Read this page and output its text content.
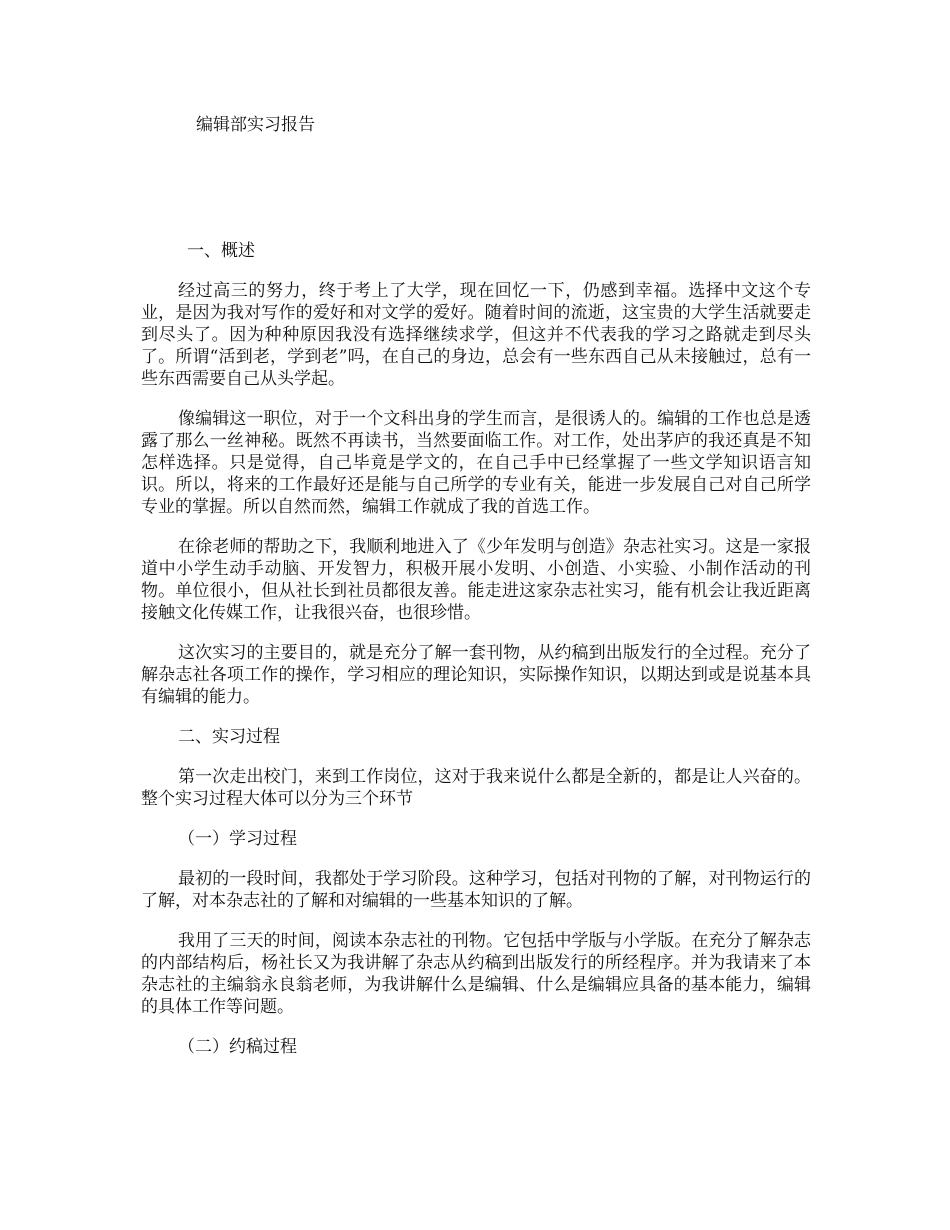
编辑部实习报告
一、概述

经过高三的努力，终于考上了大学，现在回忆一下，仍感到幸福。选择中文这个专业，是因为我对写作的爱好和对文学的爱好。随着时间的流逝，这宝贵的大学生活就要走到尽头了。因为种种原因我没有选择继续求学，但这并不代表我的学习之路就走到尽头了。所谓“活到老，学到老”吗，在自己的身边，总会有一些东西自己从未接触过，总有一些东西需要自己从头学起。

像编辑这一职位，对于一个文科出身的学生而言，是很诱人的。编辑的工作也总是透露了那么一丝神秘。既然不再读书，当然要面临工作。对工作，处出茅庐的我还真是不知怎样选择。只是觉得，自己毕竟是学文的，在自己手中已经掌握了一些文学知识语言知识。所以，将来的工作最好还是能与自己所学的专业有关，能进一步发展自己对自己所学专业的掌握。所以自然而然，编辑工作就成了我的首选工作。

在徐老师的帮助之下，我顺利地进入了《少年发明与创造》杂志社实习。这是一家报道中小学生动手动脑、开发智力，积极开展小发明、小创造、小实验、小制作活动的刊物。单位很小，但从社长到社员都很友善。能走进这家杂志社实习，能有机会让我近距离接触文化传媒工作，让我很兴奋，也很珍惜。

这次实习的主要目的，就是充分了解一套刊物，从约稿到出版发行的全过程。充分了解杂志社各项工作的操作，学习相应的理论知识，实际操作知识，以期达到或是说基本具有编辑的能力。

二、实习过程

第一次走出校门，来到工作岗位，这对于我来说什么都是全新的，都是让人兴奋的。整个实习过程大体可以分为三个环节

（一）学习过程

最初的一段时间，我都处于学习阶段。这种学习，包括对刊物的了解，对刊物运行的了解，对本杂志社的了解和对编辑的一些基本知识的了解。

我用了三天的时间，阅读本杂志社的刊物。它包括中学版与小学版。在充分了解杂志的内部结构后，杨社长又为我讲解了杂志从约稿到出版发行的所经程序。并为我请来了本杂志社的主编翁永良翁老师，为我讲解什么是编辑、什么是编辑应具备的基本能力，编辑的具体工作等问题。

（二）约稿过程
